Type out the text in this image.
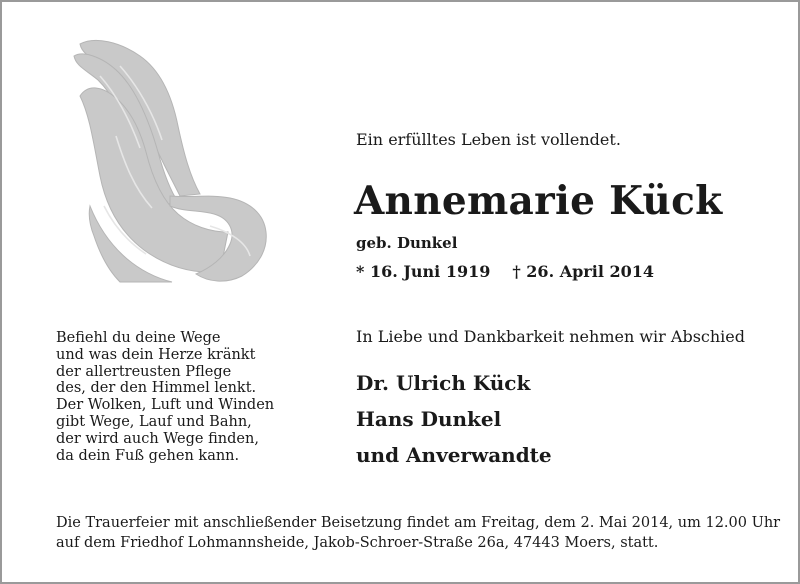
Ein erfülltes Leben ist vollendet.
Annemarie Kück
geb. Dunkel
* 16. Juni 1919 † 26. April 2014
Befiehl du deine Wege
und was dein Herze kränkt
der allertreusten Pflege
des, der den Himmel lenkt.
Der Wolken, Luft und Winden
gibt Wege, Lauf und Bahn,
der wird auch Wege finden,
da dein Fuß gehen kann.
In Liebe und Dankbarkeit nehmen wir Abschied
Dr. Ulrich Kück
Hans Dunkel
und Anverwandte
Die Trauerfeier mit anschließender Beisetzung findet am Freitag, dem 2. Mai 2014, um 12.00 Uhr
auf dem Friedhof Lohmannsheide, Jakob-Schroer-Straße 26a, 47443 Moers, statt.
